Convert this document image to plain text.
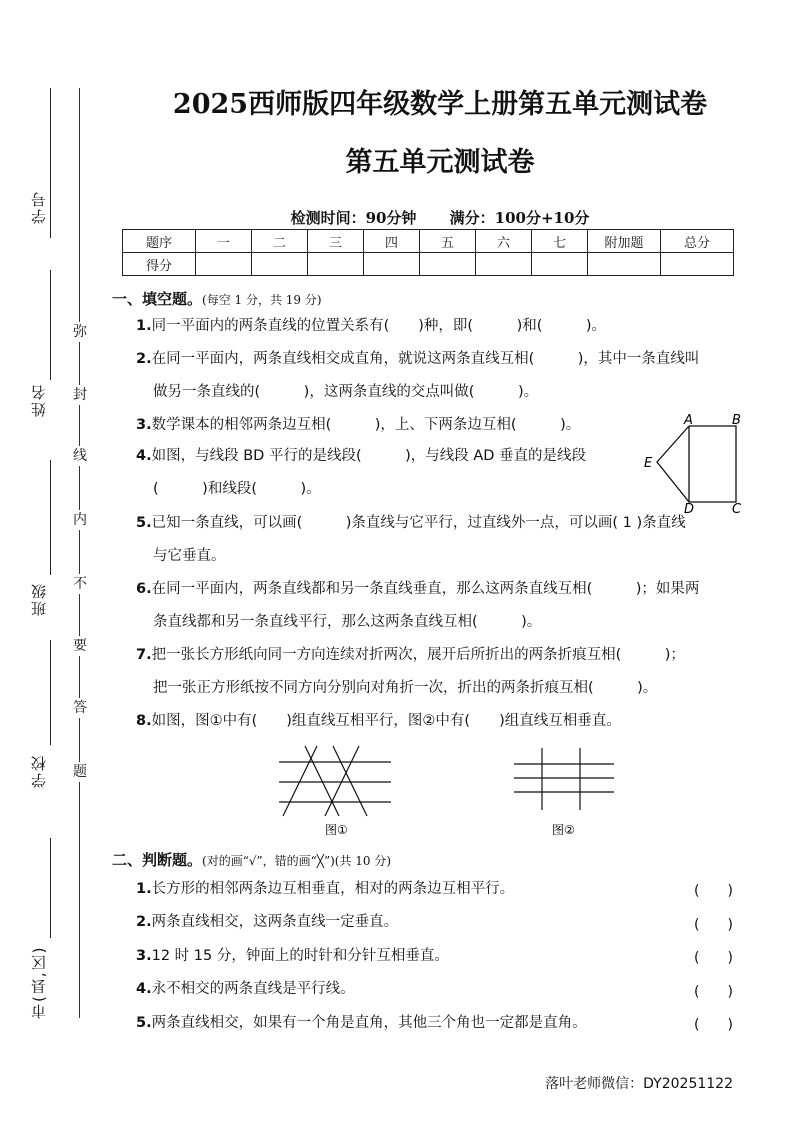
学号
姓名
班级
学校
市(县,区)
弥
封
线
内
不
要
答
题
2025西师版四年级数学上册第五单元测试卷
第五单元测试卷
检测时间：90分钟 满分：100分+10分
题序	一	二	三	四	五	六	七	附加题	总分
得分									
一、填空题。(每空 1 分，共 19 分)
1.同一平面内的两条直线的位置关系有(　　)种，即(　　　)和(　　　)。
2.在同一平面内，两条直线相交成直角，就说这两条直线互相(　　　)，其中一条直线叫
做另一条直线的(　　　)，这两条直线的交点叫做(　　　)。
3.数学课本的相邻两条边互相(　　　)，上、下两条边互相(　　　)。
4.如图，与线段 BD 平行的是线段(　　　)，与线段 AD 垂直的是线段
(　　　)和线段(　　　)。
A	B
C
D
E
5.已知一条直线，可以画(　　　)条直线与它平行，过直线外一点，可以画( 1 )条直线
与它垂直。
6.在同一平面内，两条直线都和另一条直线垂直，那么这两条直线互相(　　　)；如果两
条直线都和另一条直线平行，那么这两条直线互相(　　　)。
7.把一张长方形纸向同一方向连续对折两次，展开后所折出的两条折痕互相(　　　)；
把一张正方形纸按不同方向分别向对角折一次，折出的两条折痕互相(　　　)。
8.如图，图①中有(　　)组直线互相平行，图②中有(　　)组直线互相垂直。
图①	图②
二、判断题。(对的画“√”，错的画“╳”)(共 10 分)
1.长方形的相邻两条边互相垂直，相对的两条边互相平行。	(　　)
2.两条直线相交，这两条直线一定垂直。	(　　)
3.12 时 15 分，钟面上的时针和分针互相垂直。	(　　)
4.永不相交的两条直线是平行线。	(　　)
5.两条直线相交，如果有一个角是直角，其他三个角也一定都是直角。	(　　)
落叶老师微信：DY20251122
